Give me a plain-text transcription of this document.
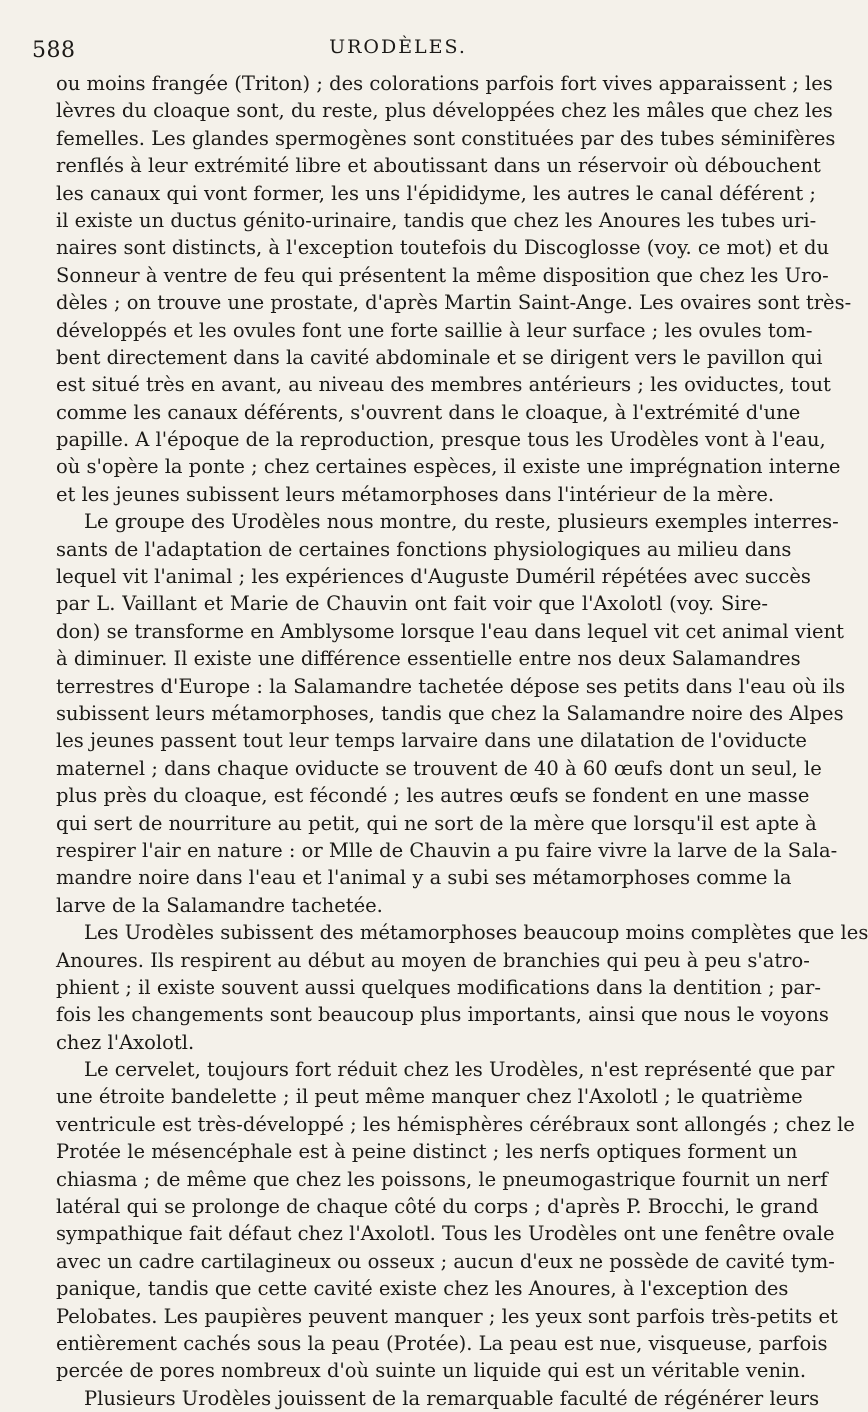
588	URODÈLES.
ou moins frangée (Triton) ; des colorations parfois fort vives apparaissent ; les
lèvres du cloaque sont, du reste, plus développées chez les mâles que chez les
femelles. Les glandes spermogènes sont constituées par des tubes séminifères
renflés à leur extrémité libre et aboutissant dans un réservoir où débouchent
les canaux qui vont former, les uns l'épididyme, les autres le canal déférent ;
il existe un ductus génito-urinaire, tandis que chez les Anoures les tubes uri-
naires sont distincts, à l'exception toutefois du Discoglosse (voy. ce mot) et du
Sonneur à ventre de feu qui présentent la même disposition que chez les Uro-
dèles ; on trouve une prostate, d'après Martin Saint-Ange. Les ovaires sont très-
développés et les ovules font une forte saillie à leur surface ; les ovules tom-
bent directement dans la cavité abdominale et se dirigent vers le pavillon qui
est situé très en avant, au niveau des membres antérieurs ; les oviductes, tout
comme les canaux déférents, s'ouvrent dans le cloaque, à l'extrémité d'une
papille. A l'époque de la reproduction, presque tous les Urodèles vont à l'eau,
où s'opère la ponte ; chez certaines espèces, il existe une imprégnation interne
et les jeunes subissent leurs métamorphoses dans l'intérieur de la mère.
Le groupe des Urodèles nous montre, du reste, plusieurs exemples interres-
sants de l'adaptation de certaines fonctions physiologiques au milieu dans
lequel vit l'animal ; les expériences d'Auguste Duméril répétées avec succès
par L. Vaillant et Marie de Chauvin ont fait voir que l'Axolotl (voy. Sire-
don) se transforme en Amblysome lorsque l'eau dans lequel vit cet animal vient
à diminuer. Il existe une différence essentielle entre nos deux Salamandres
terrestres d'Europe : la Salamandre tachetée dépose ses petits dans l'eau où ils
subissent leurs métamorphoses, tandis que chez la Salamandre noire des Alpes
les jeunes passent tout leur temps larvaire dans une dilatation de l'oviducte
maternel ; dans chaque oviducte se trouvent de 40 à 60 œufs dont un seul, le
plus près du cloaque, est fécondé ; les autres œufs se fondent en une masse
qui sert de nourriture au petit, qui ne sort de la mère que lorsqu'il est apte à
respirer l'air en nature : or Mlle de Chauvin a pu faire vivre la larve de la Sala-
mandre noire dans l'eau et l'animal y a subi ses métamorphoses comme la
larve de la Salamandre tachetée.
Les Urodèles subissent des métamorphoses beaucoup moins complètes que les
Anoures. Ils respirent au début au moyen de branchies qui peu à peu s'atro-
phient ; il existe souvent aussi quelques modifications dans la dentition ; par-
fois les changements sont beaucoup plus importants, ainsi que nous le voyons
chez l'Axolotl.
Le cervelet, toujours fort réduit chez les Urodèles, n'est représenté que par
une étroite bandelette ; il peut même manquer chez l'Axolotl ; le quatrième
ventricule est très-développé ; les hémisphères cérébraux sont allongés ; chez le
Protée le mésencéphale est à peine distinct ; les nerfs optiques forment un
chiasma ; de même que chez les poissons, le pneumogastrique fournit un nerf
latéral qui se prolonge de chaque côté du corps ; d'après P. Brocchi, le grand
sympathique fait défaut chez l'Axolotl. Tous les Urodèles ont une fenêtre ovale
avec un cadre cartilagineux ou osseux ; aucun d'eux ne possède de cavité tym-
panique, tandis que cette cavité existe chez les Anoures, à l'exception des
Pelobates. Les paupières peuvent manquer ; les yeux sont parfois très-petits et
entièrement cachés sous la peau (Protée). La peau est nue, visqueuse, parfois
percée de pores nombreux d'où suinte un liquide qui est un véritable venin.
Plusieurs Urodèles jouissent de la remarquable faculté de régénérer leurs
